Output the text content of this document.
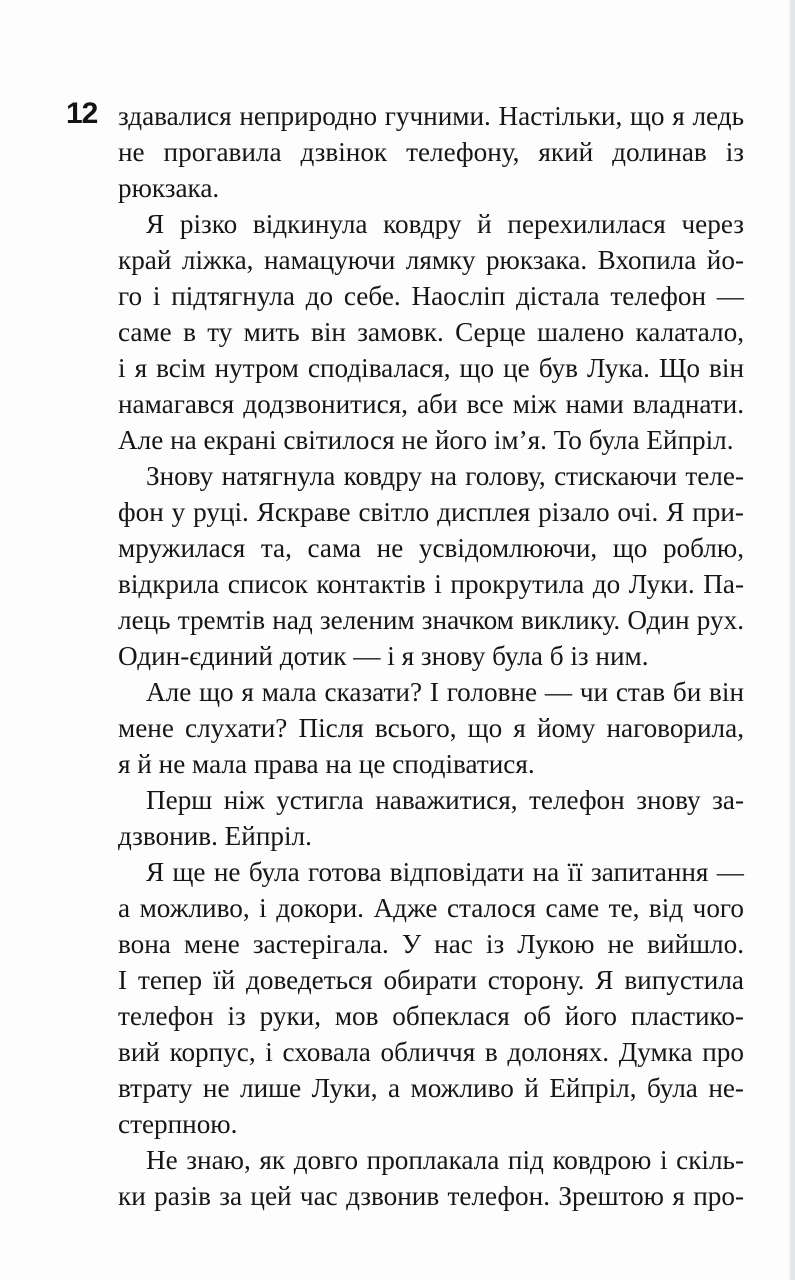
12 здавалися неприродно гучними. Настільки, що я ледь

не прогавила дзвінок телефону, який долинав із

рюкзака.

Я різко відкинула ковдру й перехилилася через

край ліжка, намацуючи лямку рюкзака. Вхопила йо-

го і підтягнула до себе. Наосліп дістала телефон —

саме в ту мить він замовк. Серце шалено калатало,

і я всім нутром сподівалася, що це був Лука. Що він

намагався додзвонитися, аби все між нами владнати.

Але на екрані світилося не його ім’я. То була Ейпріл.

Знову натягнула ковдру на голову, стискаючи теле-

фон у руці. Яскраве світло дисплея різало очі. Я при-

мружилася та, сама не усвідомлюючи, що роблю,

відкрила список контактів і прокрутила до Луки. Па-

лець тремтів над зеленим значком виклику. Один рух.

Один-єдиний дотик — і я знову була б із ним.

Але що я мала сказати? І головне — чи став би він

мене слухати? Після всього, що я йому наговорила,

я й не мала права на це сподіватися.

Перш ніж устигла наважитися, телефон знову за-

дзвонив. Ейпріл.

Я ще не була готова відповідати на її запитання —

а можливо, і докори. Адже сталося саме те, від чого

вона мене застерігала. У нас із Лукою не вийшло.

І тепер їй доведеться обирати сторону. Я випустила

телефон із руки, мов обпеклася об його пластико-

вий корпус, і сховала обличчя в долонях. Думка про

втрату не лише Луки, а можливо й Ейпріл, була не-

стерпною.

Не знаю, як довго проплакала під ковдрою і скіль-

ки разів за цей час дзвонив телефон. Зрештою я про-
